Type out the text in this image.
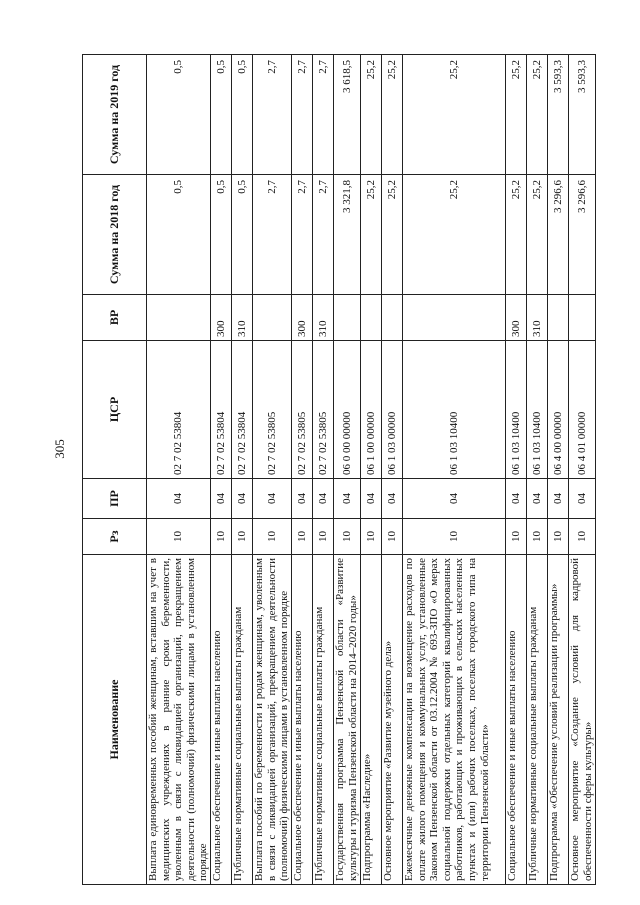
305
Наименование	Рз	ПР	ЦСР	ВР	Сумма на 2018 год	Сумма на 2019 год
Выплата единовременных пособий женщинам, вставшим на учет в медицинских учреждениях в ранние сроки беременности, уволенным в связи с ликвидацией организаций, прекращением деятельности (полномочий) физическими лицами в установленном порядке	10	04	02 7 02 53804		0,5	0,5
Социальное обеспечение и иные выплаты населению	10	04	02 7 02 53804	300	0,5	0,5
Публичные нормативные социальные выплаты гражданам	10	04	02 7 02 53804	310	0,5	0,5
Выплата пособий по беременности и родам женщинам, уволенным в связи с ликвидацией организаций, прекращением деятельности (полномочий) физическими лицами в установленном порядке	10	04	02 7 02 53805		2,7	2,7
Социальное обеспечение и иные выплаты населению	10	04	02 7 02 53805	300	2,7	2,7
Публичные нормативные социальные выплаты гражданам	10	04	02 7 02 53805	310	2,7	2,7
Государственная программа Пензенской области «Развитие культуры и туризма Пензенской области на 2014–2020 годы»	10	04	06 0 00 00000		3 321,8	3 618,5
Подпрограмма «Наследие»	10	04	06 1 00 00000		25,2	25,2
Основное мероприятие «Развитие музейного дела»	10	04	06 1 03 00000		25,2	25,2
Ежемесячные денежные компенсации на возмещение расходов по оплате жилого помещения и коммунальных услуг, установленные Законом Пензенской области от 03.12.2004 № 693-ЗПО «О мерах социальной поддержки отдельных категорий квалифицированных работников, работающих и проживающих в сельских населенных пунктах и (или) рабочих поселках, поселках городского типа на территории Пензенской области»	10	04	06 1 03 10400		25,2	25,2
Социальное обеспечение и иные выплаты населению	10	04	06 1 03 10400	300	25,2	25,2
Публичные нормативные социальные выплаты гражданам	10	04	06 1 03 10400	310	25,2	25,2
Подпрограмма «Обеспечение условий реализации программы»	10	04	06 4 00 00000		3 296,6	3 593,3
Основное мероприятие «Создание условий для кадровой обеспеченности сферы культуры»	10	04	06 4 01 00000		3 296,6	3 593,3
